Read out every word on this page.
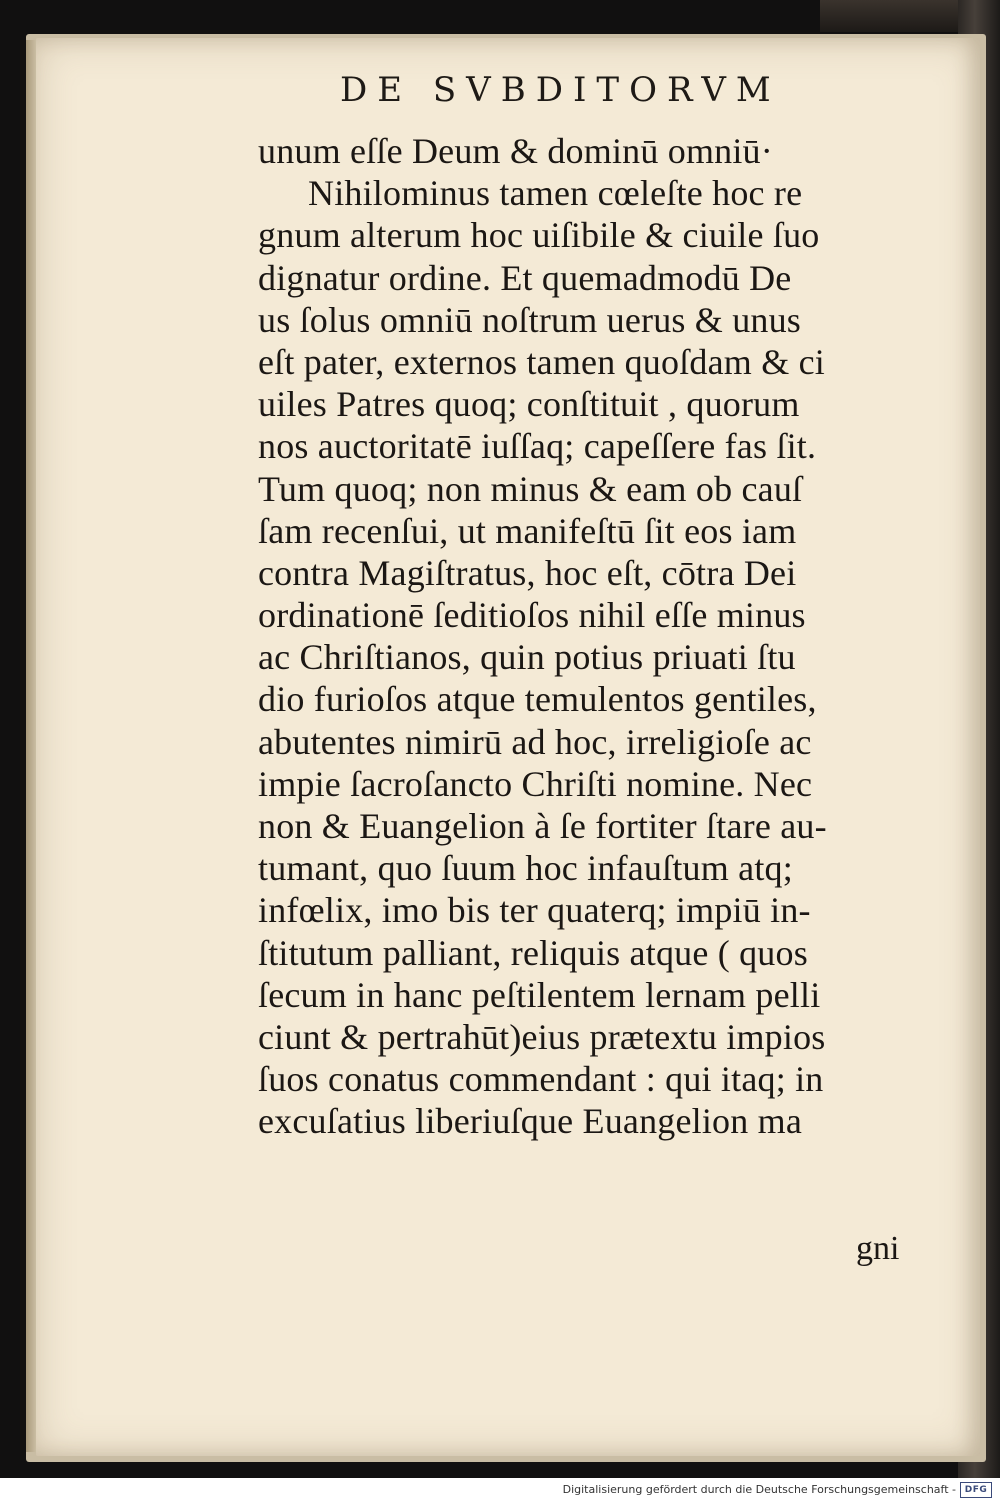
DE SVBDITORVM
unum eſſe Deum & dominū omniū·
Nihilominus tamen cœleſte hoc re
gnum alterum hoc uiſibile & ciuile ſuo
dignatur ordine. Et quemadmodū De
us ſolus omniū noſtrum uerus & unus
eſt pater, externos tamen quoſdam & ci
uiles Patres quoq; conſtituit , quorum
nos auctoritatē iuſſaq; capeſſere fas ſit.
Tum quoq; non minus & eam ob cauſ
ſam recenſui, ut manifeſtū ſit eos iam
contra Magiſtratus, hoc eſt, cōtra Dei
ordinationē ſeditioſos nihil eſſe minus
ac Chriſtianos, quin potius priuati ſtu
dio furioſos atque temulentos gentiles,
abutentes nimirū ad hoc, irreligioſe ac
impie ſacroſancto Chriſti nomine. Nec
non & Euangelion à ſe fortiter ſtare au-
tumant, quo ſuum hoc infauſtum atq;
infœlix, imo bis ter quaterq; impiū in-
ſtitutum palliant, reliquis atque ( quos
ſecum in hanc peſtilentem lernam pelli
ciunt & pertrahūt)eius prætextu impios
ſuos conatus commendant : qui itaq; in
excuſatius liberiuſque Euangelion ma
gni
Digitalisierung gefördert durch die Deutsche Forschungsgemeinschaft - DFG
